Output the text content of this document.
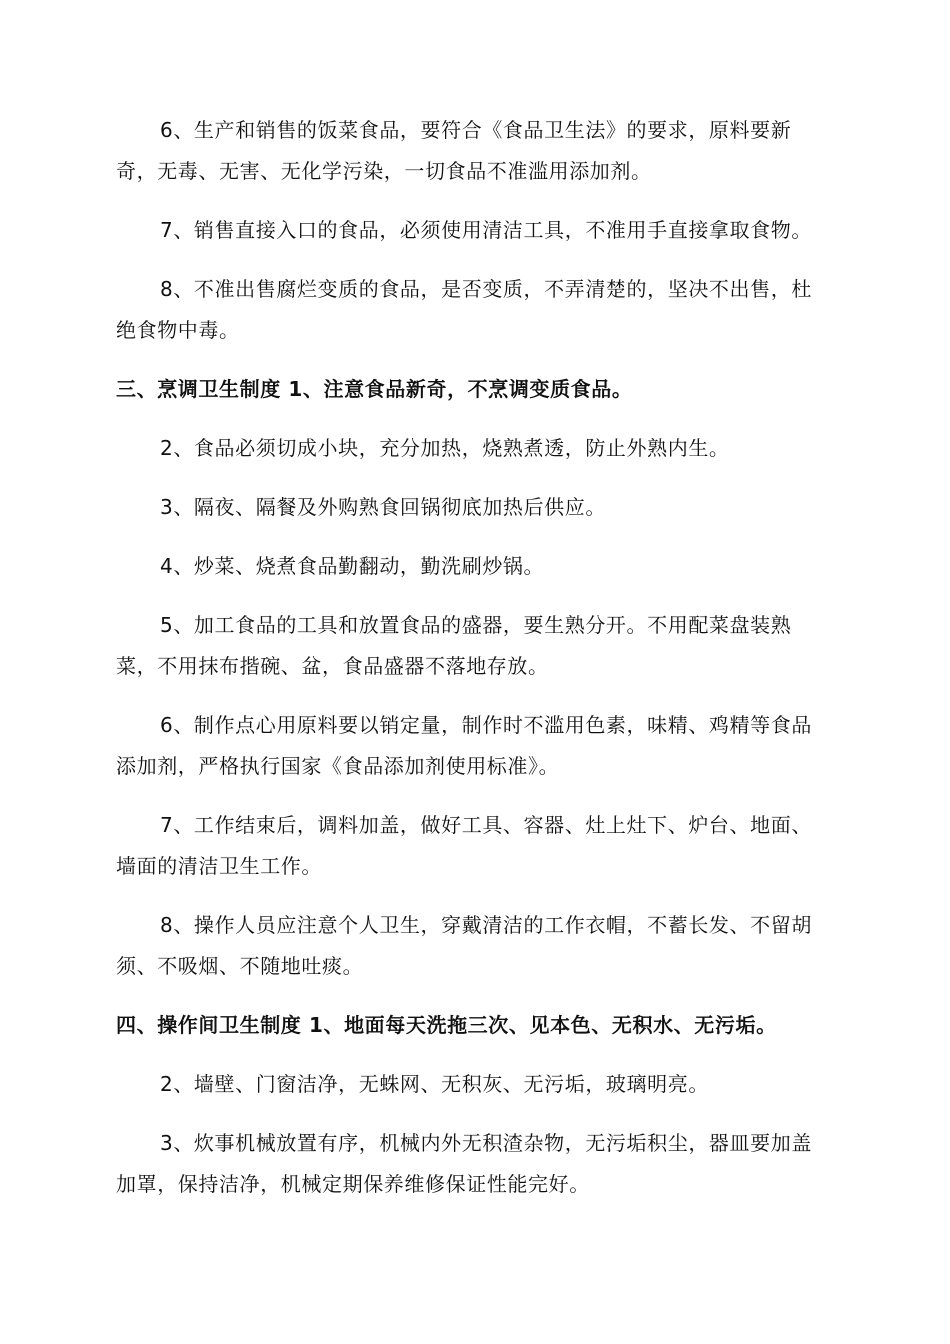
6、生产和销售的饭菜食品，要符合《食品卫生法》的要求，原料要新奇，无毒、无害、无化学污染，一切食品不准滥用添加剂。

7、销售直接入口的食品，必须使用清洁工具，不准用手直接拿取食物。

8、不准出售腐烂变质的食品，是否变质，不弄清楚的，坚决不出售，杜绝食物中毒。

三、烹调卫生制度 1、注意食品新奇，不烹调变质食品。

2、食品必须切成小块，充分加热，烧熟煮透，防止外熟内生。

3、隔夜、隔餐及外购熟食回锅彻底加热后供应。

4、炒菜、烧煮食品勤翻动，勤洗刷炒锅。

5、加工食品的工具和放置食品的盛器，要生熟分开。不用配菜盘装熟菜，不用抹布揩碗、盆，食品盛器不落地存放。

6、制作点心用原料要以销定量，制作时不滥用色素，味精、鸡精等食品添加剂，严格执行国家《食品添加剂使用标准》。

7、工作结束后，调料加盖，做好工具、容器、灶上灶下、炉台、地面、墙面的清洁卫生工作。

8、操作人员应注意个人卫生，穿戴清洁的工作衣帽，不蓄长发、不留胡须、不吸烟、不随地吐痰。

四、操作间卫生制度 1、地面每天洗拖三次、见本色、无积水、无污垢。

2、墙壁、门窗洁净，无蛛网、无积灰、无污垢，玻璃明亮。

3、炊事机械放置有序，机械内外无积渣杂物，无污垢积尘，器皿要加盖加罩，保持洁净，机械定期保养维修保证性能完好。
